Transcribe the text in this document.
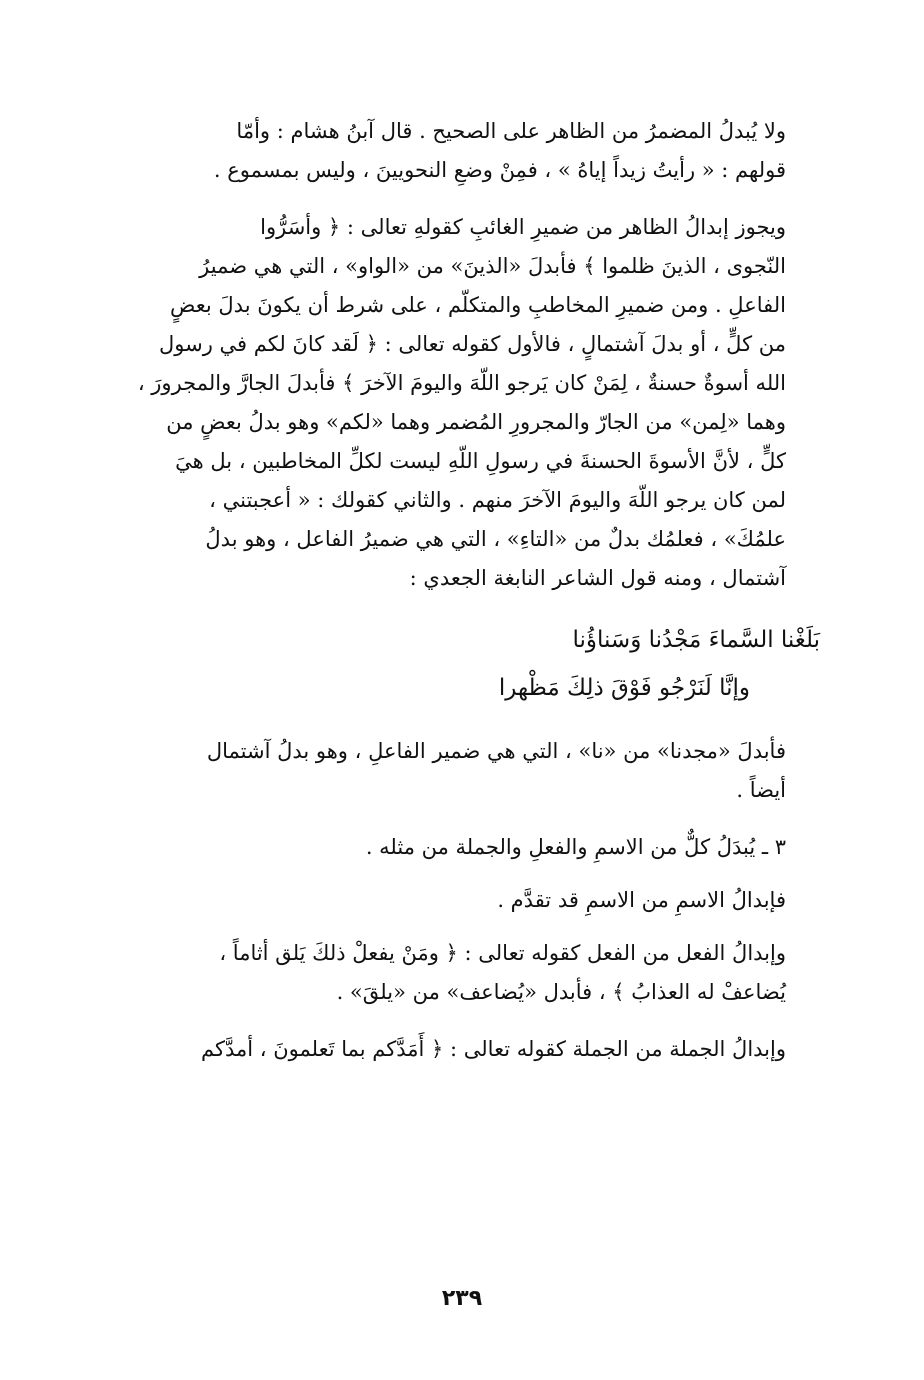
ولا يُبدلُ المضمرُ من الظاهر على الصحيح . قال آبنُ هشام : وأمّا
قولهم : « رأيتُ زيداً إياهُ » ، فمِنْ وضعِ النحويينَ ، وليس بمسموع .

ويجوز إبدالُ الظاهر من ضميرِ الغائبِ كقولهِ تعالى : ﴿ وأسَرُّوا
النّجوى ، الذينَ ظلموا ﴾ فأبدلَ «الذينَ» من «الواو» ، التي هي ضميرُ
الفاعلِ . ومن ضميرِ المخاطبِ والمتكلّم ، على شرط أن يكونَ بدلَ بعضٍ
من كلٍّ ، أو بدلَ آشتمالٍ ، فالأول كقوله تعالى : ﴿ لَقد كانَ لكم في رسول
الله أسوةٌ حسنةٌ ، لِمَنْ كان يَرجو اللّهَ واليومَ الآخرَ ﴾ فأبدلَ الجارَّ والمجرورَ ،
وهما «لِمن» من الجارّ والمجرورِ المُضمر وهما «لكم» وهو بدلُ بعضٍ من
كلٍّ ، لأنَّ الأسوةَ الحسنةَ في رسولِ اللّهِ ليست لكلِّ المخاطبين ، بل هيَ
لمن كان يرجو اللّهَ واليومَ الآخرَ منهم . والثاني كقولك : « أعجبتني ،
علمُكَ» ، فعلمُك بدلٌ من «التاءِ» ، التي هي ضميرُ الفاعل ، وهو بدلُ
آشتمال ، ومنه قول الشاعر النابغة الجعدي :

بَلَغْنا السَّماءَ مَجْدُنا وَسَناؤُنا
وإنَّا لَنَرْجُو فَوْقَ ذلِكَ مَظْهرا

فأبدلَ «مجدنا» من «نا» ، التي هي ضمير الفاعلِ ، وهو بدلُ آشتمال
أيضاً .

٣ ـ يُبدَلُ كلٌّ من الاسمِ والفعلِ والجملة من مثله .
فإبدالُ الاسمِ من الاسمِ قد تقدَّم .

وإبدالُ الفعل من الفعل كقوله تعالى : ﴿ ومَنْ يفعلْ ذلكَ يَلق أثاماً ،
يُضاعفْ له العذابُ ﴾ ، فأبدل «يُضاعف» من «يلقَ» .

وإبدالُ الجملة من الجملة كقوله تعالى : ﴿ أَمَدَّكم بما تَعلمونَ ، أمدَّكم

٢٣٩
